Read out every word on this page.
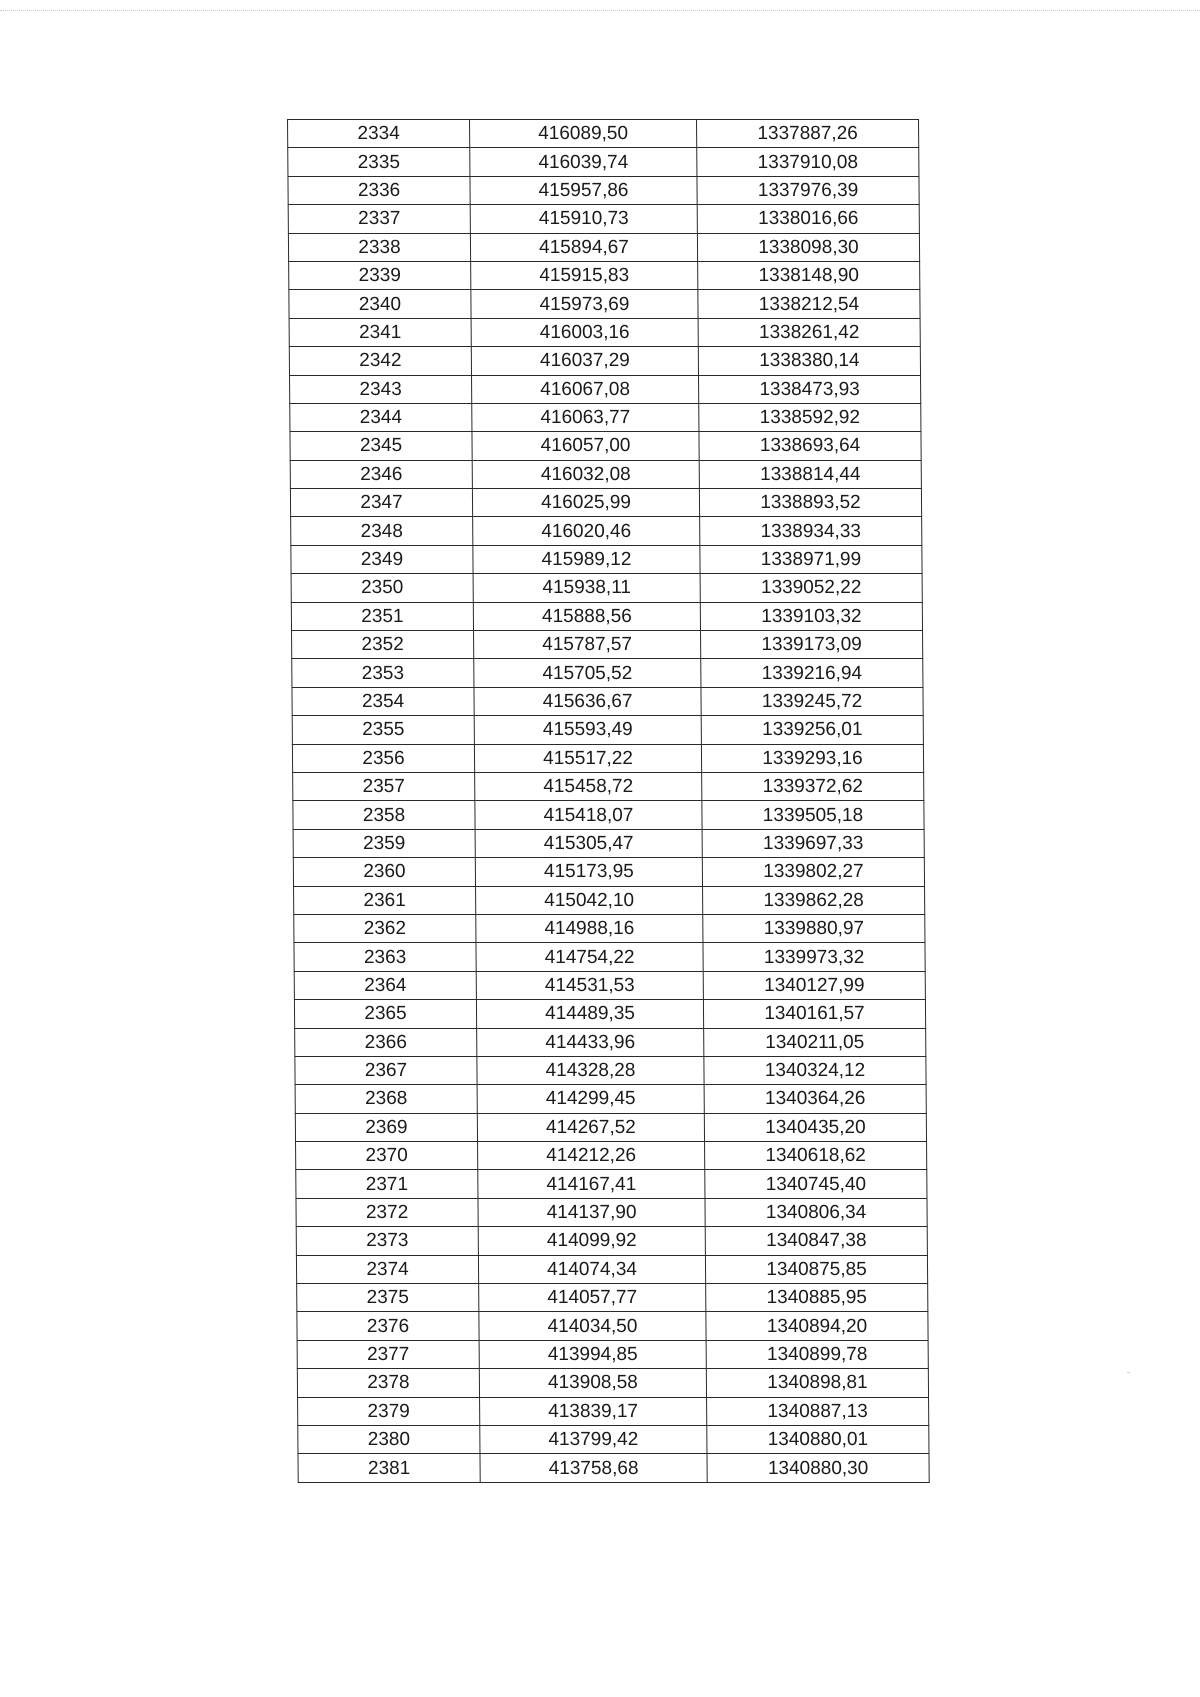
2334	416089,50	1337887,26
2335	416039,74	1337910,08
2336	415957,86	1337976,39
2337	415910,73	1338016,66
2338	415894,67	1338098,30
2339	415915,83	1338148,90
2340	415973,69	1338212,54
2341	416003,16	1338261,42
2342	416037,29	1338380,14
2343	416067,08	1338473,93
2344	416063,77	1338592,92
2345	416057,00	1338693,64
2346	416032,08	1338814,44
2347	416025,99	1338893,52
2348	416020,46	1338934,33
2349	415989,12	1338971,99
2350	415938,11	1339052,22
2351	415888,56	1339103,32
2352	415787,57	1339173,09
2353	415705,52	1339216,94
2354	415636,67	1339245,72
2355	415593,49	1339256,01
2356	415517,22	1339293,16
2357	415458,72	1339372,62
2358	415418,07	1339505,18
2359	415305,47	1339697,33
2360	415173,95	1339802,27
2361	415042,10	1339862,28
2362	414988,16	1339880,97
2363	414754,22	1339973,32
2364	414531,53	1340127,99
2365	414489,35	1340161,57
2366	414433,96	1340211,05
2367	414328,28	1340324,12
2368	414299,45	1340364,26
2369	414267,52	1340435,20
2370	414212,26	1340618,62
2371	414167,41	1340745,40
2372	414137,90	1340806,34
2373	414099,92	1340847,38
2374	414074,34	1340875,85
2375	414057,77	1340885,95
2376	414034,50	1340894,20
2377	413994,85	1340899,78
2378	413908,58	1340898,81
2379	413839,17	1340887,13
2380	413799,42	1340880,01
2381	413758,68	1340880,30
